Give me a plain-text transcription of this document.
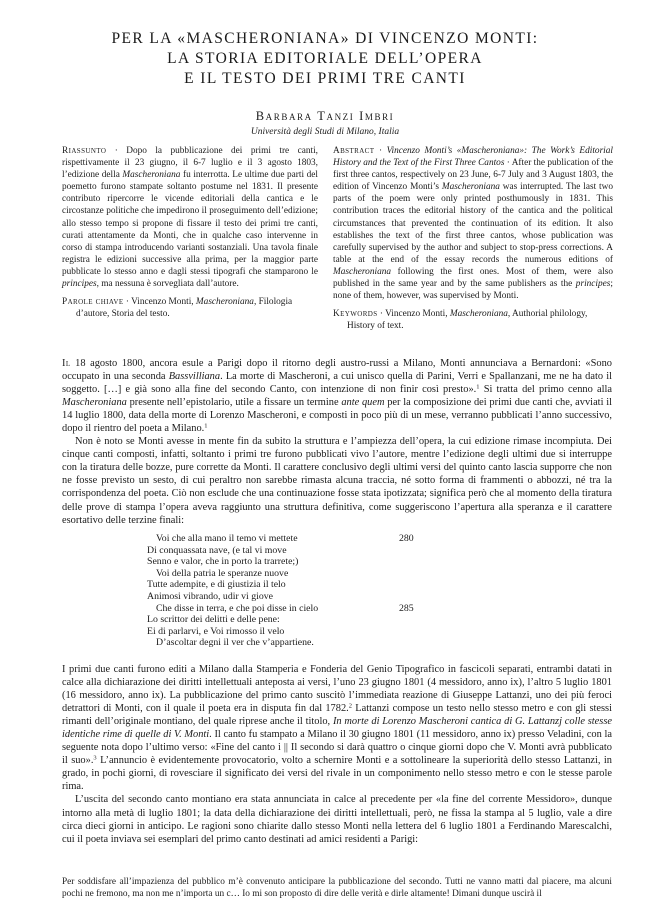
PER LA «MASCHERONIANA» DI VINCENZO MONTI:
LA STORIA EDITORIALE DELL’OPERA
E IL TESTO DEI PRIMI TRE CANTI
Barbara Tanzi Imbri
Università degli Studi di Milano, Italia

Riassunto · Dopo la pubblicazione dei primi tre canti, rispettivamente il 23 giugno, il 6-7 luglio e il 3 agosto 1803, l’edizione della Mascheroniana fu interrotta. Le ultime due parti del poemetto furono stampate soltanto postume nel 1831. Il presente contributo ripercorre le vicende editoriali della cantica e le circostanze politiche che impedirono il proseguimento dell’edizione; allo stesso tempo si propone di fissare il testo dei primi tre canti, curati attentamente da Monti, che in qualche caso intervenne in corso di stampa introducendo varianti sostanziali. Una tavola finale registra le edizioni successive alla prima, per la maggior parte pubblicate lo stesso anno e dagli stessi tipografi che stamparono le principes, ma nessuna è sorvegliata dall’autore.

Parole chiave · Vincenzo Monti, Mascheroniana, Filologia d’autore, Storia del testo.

Abstract · Vincenzo Monti’s «Mascheroniana»: The Work’s Editorial History and the Text of the First Three Cantos · After the publication of the first three cantos, respectively on 23 June, 6-7 July and 3 August 1803, the edition of Vincenzo Monti’s Mascheroniana was interrupted. The last two parts of the poem were only printed posthumously in 1831. This contribution traces the editorial history of the cantica and the political circumstances that prevented the continuation of its edition. It also establishes the text of the first three cantos, whose publication was carefully supervised by the author and subject to stop-press corrections. A table at the end of the essay records the numerous editions of Mascheroniana following the first ones. Most of them, were also published in the same year and by the same publishers as the principes; none of them, however, was supervised by Monti.

Keywords · Vincenzo Monti, Mascheroniana, Authorial philology, History of text.

Il 18 agosto 1800, ancora esule a Parigi dopo il ritorno degli austro-russi a Milano, Monti annunciava a Bernardoni: «Sono occupato in una seconda Bassvilliana. La morte di Mascheroni, a cui unisco quella di Parini, Verri e Spallanzani, me ne ha dato il soggetto. […] e già sono alla fine del secondo Canto, con intenzione di non finir così presto».$^1$ Si tratta del primo cenno alla Mascheroniana presente nell’epistolario, utile a fissare un termine ante quem per la composizione dei primi due canti che, avviati il 14 luglio 1800, data della morte di Lorenzo Mascheroni, e composti in poco più di un mese, verranno pubblicati l’anno successivo, dopo il rientro del poeta a Milano.$^1$

Non è noto se Monti avesse in mente fin da subito la struttura e l’ampiezza dell’opera, la cui edizione rimase incompiuta. Dei cinque canti composti, infatti, soltanto i primi tre furono pubblicati vivo l’autore, mentre l’edizione degli ultimi due si interruppe con la tiratura delle bozze, pure corrette da Monti. Il carattere conclusivo degli ultimi versi del quinto canto lascia supporre che non ne fosse previsto un sesto, di cui peraltro non sarebbe rimasta alcuna traccia, né sotto forma di frammenti o abbozzi, né tra la corrispondenza del poeta. Ciò non esclude che una continuazione fosse stata ipotizzata; significa però che al momento della tiratura delle prove di stampa l’opera aveva raggiunto una struttura definitiva, come suggeriscono l’apertura alla speranza e il carattere esortativo delle terzine finali:

Voi che alla mano il temo vi mettete	280
Di conquassata nave, (e tal vi move
Senno e valor, che in porto la trarrete;)
Voi della patria le speranze nuove
Tutte adempite, e di giustizia il telo
Animosi vibrando, udir vi giove
Che disse in terra, e che poi disse in cielo	285
Lo scrittor dei delitti e delle pene:
Ei di parlarvi, e Voi rimosso il velo
D’ascoltar degni il ver che v’appartiene.

I primi due canti furono editi a Milano dalla Stamperia e Fonderia del Genio Tipografico in fascicoli separati, entrambi datati in calce alla dichiarazione dei diritti intellettuali anteposta ai versi, l’uno 23 giugno 1801 (4 messidoro, anno ix), l’altro 5 luglio 1801 (16 messidoro, anno ix). La pubblicazione del primo canto suscitò l’immediata reazione di Giuseppe Lattanzi, uno dei più feroci detrattori di Monti, con il quale il poeta era in disputa fin dal 1782.$^2$ Lattanzi compose un testo nello stesso metro e con gli stessi rimanti dell’originale montiano, del quale riprese anche il titolo, In morte di Lorenzo Mascheroni cantica di G. Lattanzj colle stesse identiche rime di quelle di V. Monti. Il canto fu stampato a Milano il 30 giugno 1801 (11 messidoro, anno ix) presso Veladini, con la seguente nota dopo l’ultimo verso: «Fine del canto i || Il secondo si darà quattro o cinque giorni dopo che V. Monti avrà pubblicato il suo».$^3$ L’annuncio è evidentemente provocatorio, volto a schernire Monti e a sottolineare la superiorità dello stesso Lattanzi, in grado, in pochi giorni, di rovesciare il significato dei versi del rivale in un componimento nello stesso metro e con le stesse parole rima.

L’uscita del secondo canto montiano era stata annunciata in calce al precedente per «la fine del corrente Messidoro», dunque intorno alla metà di luglio 1801; la data della dichiarazione dei diritti intellettuali, però, ne fissa la stampa al 5 luglio, vale a dire circa dieci giorni in anticipo. Le ragioni sono chiarite dallo stesso Monti nella lettera del 6 luglio 1801 a Ferdinando Marescalchi, cui il poeta inviava sei esemplari del primo canto destinati ad amici residenti a Parigi:

Per soddisfare all’impazienza del pubblico m’è convenuto anticipare la pubblicazione del secondo. Tutti ne vanno matti dal piacere, ma alcuni pochi ne fremono, ma non me n’importa un c… Io mi son proposto di dire delle verità e dirle altamente! Dimani dunque uscirà il
